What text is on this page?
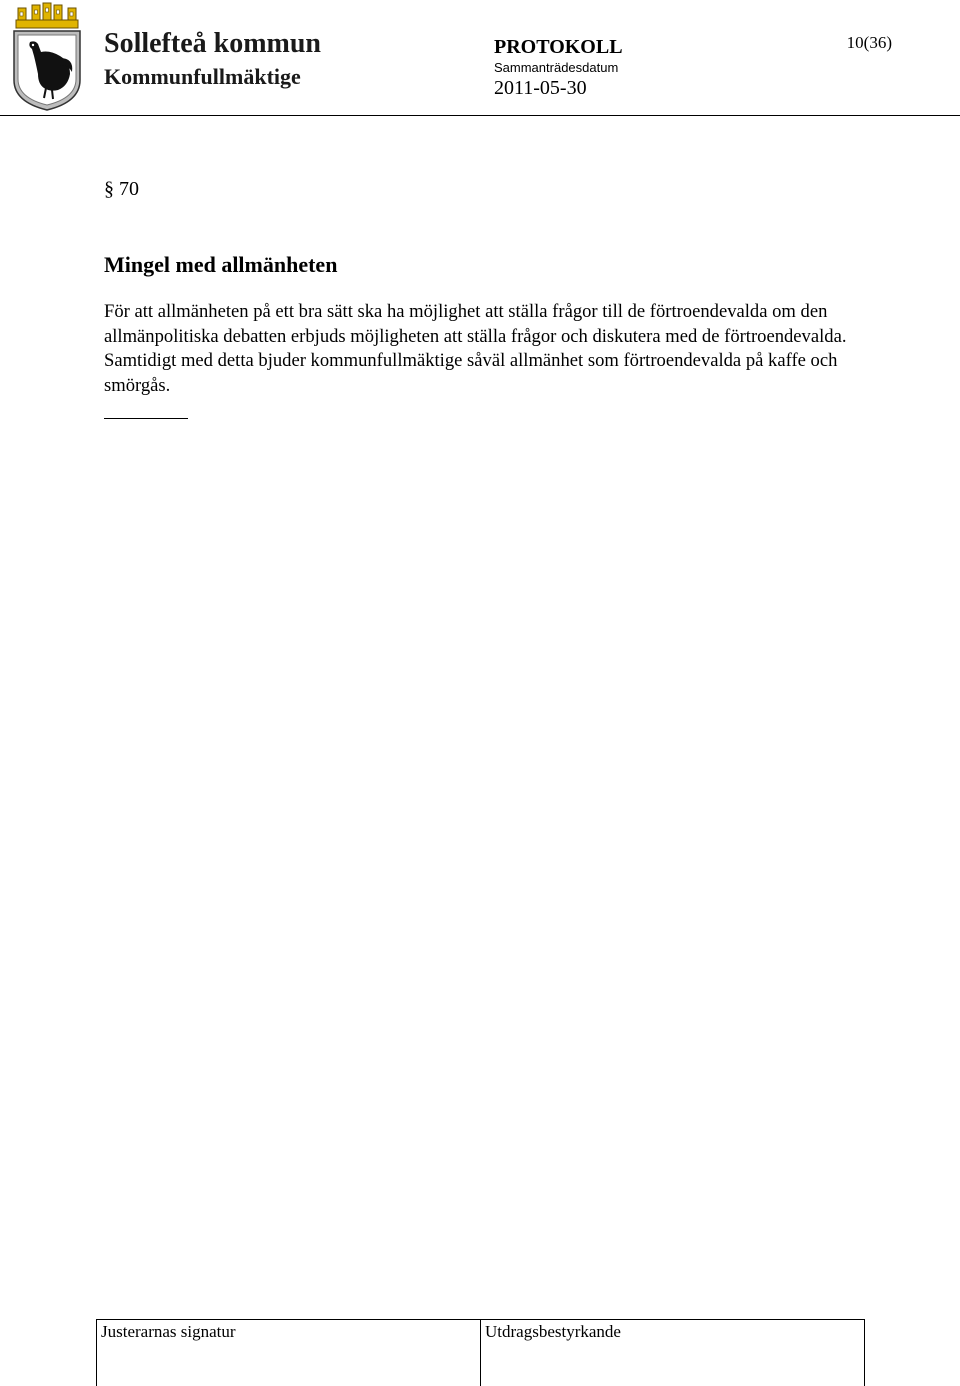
Sollefteå kommun
Kommunfullmäktige
PROTOKOLL
Sammanträdesdatum
2011-05-30
10(36)
§ 70
Mingel med allmänheten
För att allmänheten på ett bra sätt ska ha möjlighet att ställa frågor till de förtroendevalda om den allmänpolitiska debatten erbjuds möjligheten att ställa frågor och diskutera med de förtroendevalda. Samtidigt med detta bjuder kommunfullmäktige såväl allmänhet som förtroendevalda på kaffe och smörgås.
Justerarnas signatur	Utdragsbestyrkande
